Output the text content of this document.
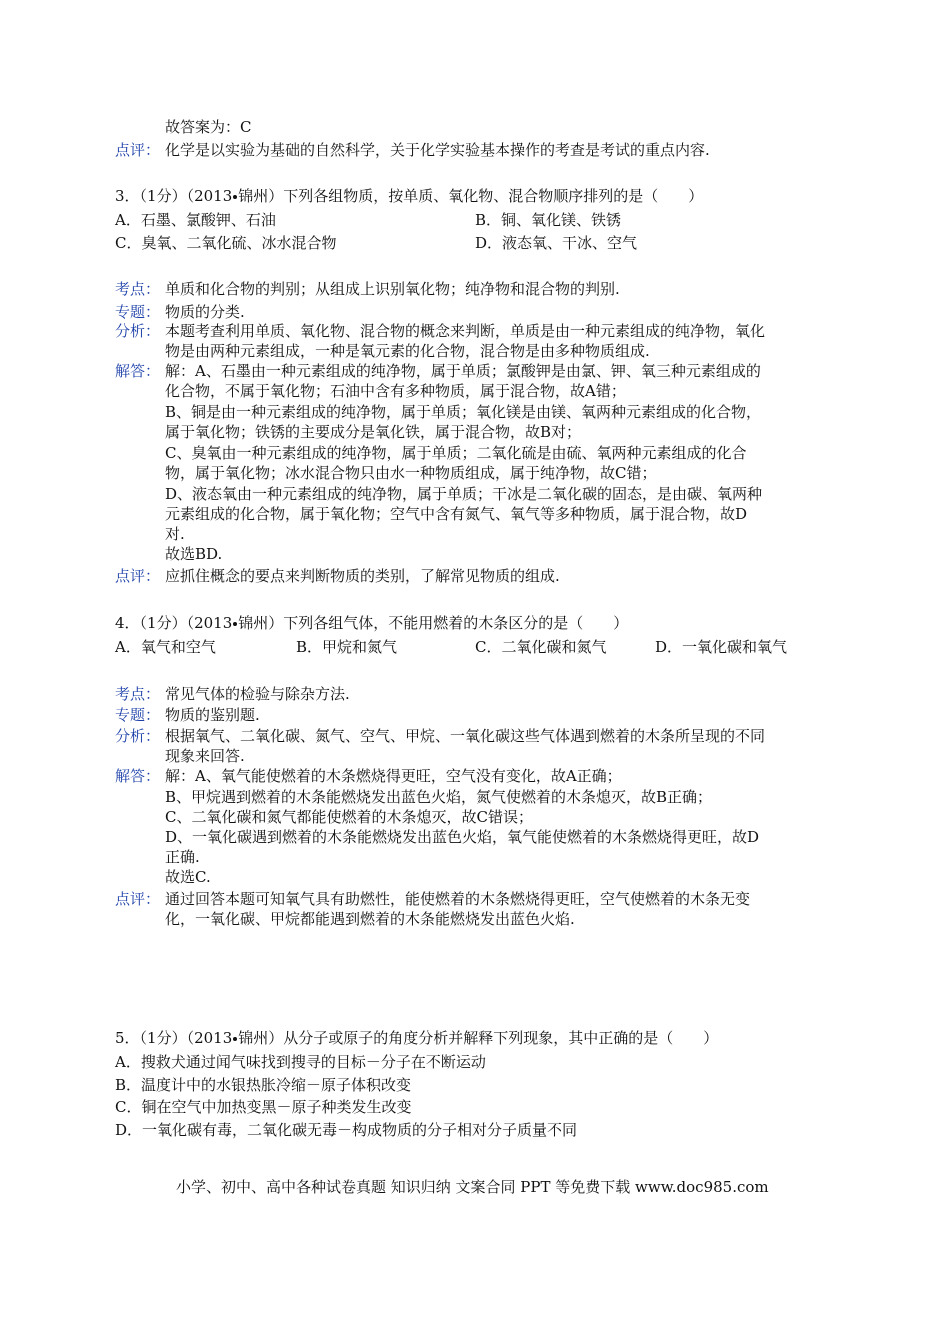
故答案为：C
点评： 化学是以实验为基础的自然科学，关于化学实验基本操作的考查是考试的重点内容.
3．（1分）（2013 锦州）下列各组物质，按单质、氧化物、混合物顺序排列的是（　　）
A．石墨、氯酸钾、石油	B．铜、氧化镁、铁锈
C．臭氧、二氧化硫、冰水混合物	D．液态氧、干冰、空气
考点： 单质和化合物的判别；从组成上识别氧化物；纯净物和混合物的判别.
专题： 物质的分类.
分析： 本题考查利用单质、氧化物、混合物的概念来判断，单质是由一种元素组成的纯净物，氧化
物是由两种元素组成，一种是氧元素的化合物，混合物是由多种物质组成.
解答： 解：A、石墨由一种元素组成的纯净物，属于单质；氯酸钾是由氯、钾、氧三种元素组成的
化合物，不属于氧化物；石油中含有多种物质，属于混合物，故A错；
B、铜是由一种元素组成的纯净物，属于单质；氧化镁是由镁、氧两种元素组成的化合物，
属于氧化物；铁锈的主要成分是氧化铁，属于混合物，故B对；
C、臭氧由一种元素组成的纯净物，属于单质；二氧化硫是由硫、氧两种元素组成的化合
物，属于氧化物；冰水混合物只由水一种物质组成，属于纯净物，故C错；
D、液态氧由一种元素组成的纯净物，属于单质；干冰是二氧化碳的固态，是由碳、氧两种
元素组成的化合物，属于氧化物；空气中含有氮气、氧气等多种物质，属于混合物，故D
对.
故选BD.
点评： 应抓住概念的要点来判断物质的类别，了解常见物质的组成.
4．（1分）（2013 锦州）下列各组气体，不能用燃着的木条区分的是（　　）
A．氧气和空气	B．甲烷和氮气	C．二氧化碳和氮气	D．一氧化碳和氧气
考点： 常见气体的检验与除杂方法.
专题： 物质的鉴别题.
分析： 根据氧气、二氧化碳、氮气、空气、甲烷、一氧化碳这些气体遇到燃着的木条所呈现的不同
现象来回答.
解答： 解：A、氧气能使燃着的木条燃烧得更旺，空气没有变化，故A正确；
B、甲烷遇到燃着的木条能燃烧发出蓝色火焰，氮气使燃着的木条熄灭，故B正确；
C、二氧化碳和氮气都能使燃着的木条熄灭，故C错误；
D、一氧化碳遇到燃着的木条能燃烧发出蓝色火焰，氧气能使燃着的木条燃烧得更旺，故D
正确.
故选C.
点评： 通过回答本题可知氧气具有助燃性，能使燃着的木条燃烧得更旺，空气使燃着的木条无变
化，一氧化碳、甲烷都能遇到燃着的木条能燃烧发出蓝色火焰.
5．（1分）（2013 锦州）从分子或原子的角度分析并解释下列现象，其中正确的是（　　）
A．搜救犬通过闻气味找到搜寻的目标－分子在不断运动
B．温度计中的水银热胀冷缩－原子体积改变
C．铜在空气中加热变黑－原子种类发生改变
D．一氧化碳有毒，二氧化碳无毒－构成物质的分子相对分子质量不同
小学、初中、高中各种试卷真题 知识归纳 文案合同 PPT 等免费下载 www.doc985.com
